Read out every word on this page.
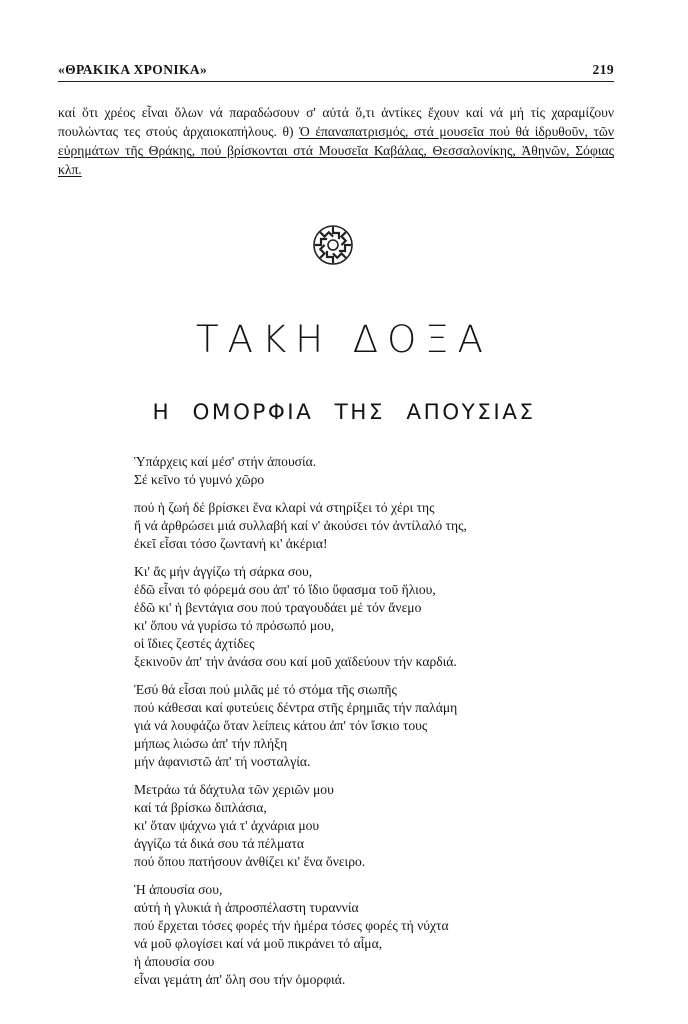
«ΘΡΑΚΙΚΑ ΧΡΟΝΙΚΑ»	219
καί ὅτι χρέος εἶναι ὅλων νά παραδώσουν σ' αὐτά ὅ,τι ἀντίκες ἔχουν καί νά μή τίς χαραμίζουν πουλώντας τες στούς ἀρχαιοκαπήλους. θ) Ὁ ἐπαναπατρισμός, στά μουσεῖα πού θά ἱδρυθοῦν, τῶν εὑρημάτων τῆς Θράκης, πού βρίσκονται στά Μουσεῖα Καβάλας, Θεσσαλονίκης, Ἀθηνῶν, Σόφιας κλπ.
ΤΑΚΗ ΔΟΞΑ
Η ΟΜΟΡΦΙΑ ΤΗΣ ΑΠΟΥΣΙΑΣ
Ὑπάρχεις καί μέσ' στήν ἀπουσία.
Σέ κεῖνο τό γυμνό χῶρο
πού ἡ ζωή δέ βρίσκει ἕνα κλαρί νά στηρίξει τό χέρι της
ἤ νά ἀρθρώσει μιά συλλαβή καί ν' ἀκούσει τόν ἀντίλαλό της,
ἐκεῖ εἶσαι τόσο ζωντανή κι' ἀκέρια!
Κι' ἄς μήν ἀγγίζω τή σάρκα σου,
ἐδῶ εἶναι τό φόρεμά σου ἀπ' τό ἴδιο ὕφασμα τοῦ ἥλιου,
ἐδῶ κι' ἡ βεντάγια σου πού τραγουδάει μέ τόν ἄνεμο
κι' ὅπου νά γυρίσω τό πρόσωπό μου,
οἱ ἴδιες ζεστές ἀχτίδες
ξεκινοῦν ἀπ' τήν ἀνάσα σου καί μοῦ χαϊδεύουν τήν καρδιά.
Ἐσύ θά εἶσαι πού μιλᾶς μέ τό στόμα τῆς σιωπῆς
πού κάθεσαι καί φυτεύεις δέντρα στῆς ἐρημιᾶς τήν παλάμη
γιά νά λουφάζω ὅταν λείπεις κάτου ἀπ' τόν ἴσκιο τους
μήπως λιώσω ἀπ' τήν πλήξη
μήν ἀφανιστῶ ἀπ' τή νοσταλγία.
Μετράω τά δάχτυλα τῶν χεριῶν μου
καί τά βρίσκω διπλάσια,
κι' ὅταν ψάχνω γιά τ' ἀχνάρια μου
ἀγγίζω τά δικά σου τά πέλματα
πού ὅπου πατήσουν ἀνθίζει κι' ἕνα ὄνειρο.
Ἡ ἀπουσία σου,
αὐτή ἡ γλυκιά ἡ ἀπροσπέλαστη τυραννία
πού ἔρχεται τόσες φορές τήν ἡμέρα τόσες φορές τή νύχτα
νά μοῦ φλογίσει καί νά μοῦ πικράνει τό αἷμα,
ἡ ἀπουσία σου
εἶναι γεμάτη ἀπ' ὅλη σου τήν ὀμορφιά.
